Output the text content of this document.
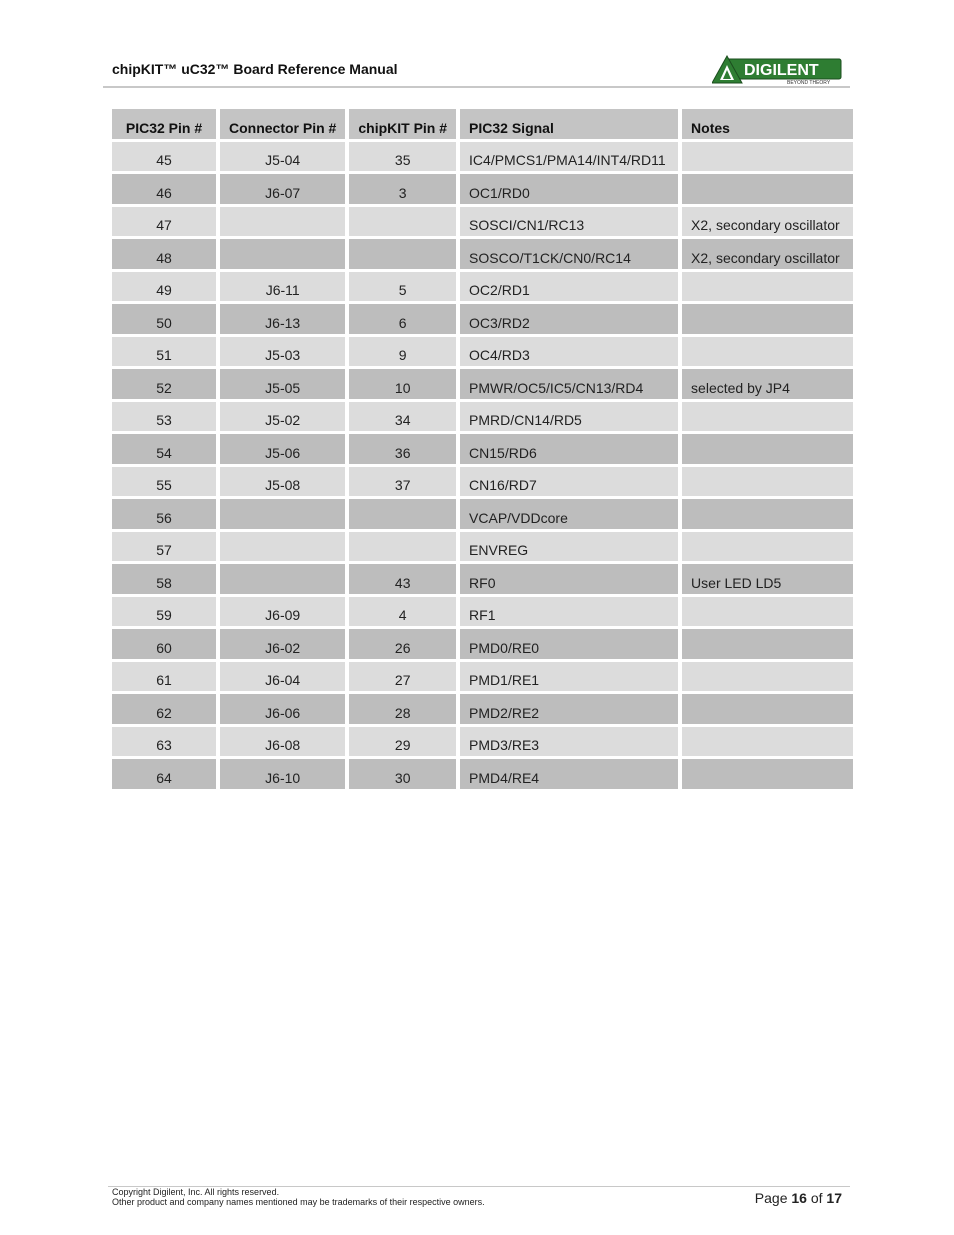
chipKIT™ uC32™ Board Reference Manual	DIGILENT
BEYOND THEORY
PIC32 Pin #	Connector Pin #	chipKIT Pin #	PIC32 Signal	Notes
45	J5-04	35	IC4/PMCS1/PMA14/INT4/RD11	
46	J6-07	3	OC1/RD0	
47			SOSCI/CN1/RC13	X2, secondary oscillator
48			SOSCO/T1CK/CN0/RC14	X2, secondary oscillator
49	J6-11	5	OC2/RD1	
50	J6-13	6	OC3/RD2	
51	J5-03	9	OC4/RD3	
52	J5-05	10	PMWR/OC5/IC5/CN13/RD4	selected by JP4
53	J5-02	34	PMRD/CN14/RD5	
54	J5-06	36	CN15/RD6	
55	J5-08	37	CN16/RD7	
56			VCAP/VDDcore	
57			ENVREG	
58		43	RF0	User LED LD5
59	J6-09	4	RF1	
60	J6-02	26	PMD0/RE0	
61	J6-04	27	PMD1/RE1	
62	J6-06	28	PMD2/RE2	
63	J6-08	29	PMD3/RE3	
64	J6-10	30	PMD4/RE4	
Copyright Digilent, Inc. All rights reserved.
Other product and company names mentioned may be trademarks of their respective owners.	Page 16 of 17
